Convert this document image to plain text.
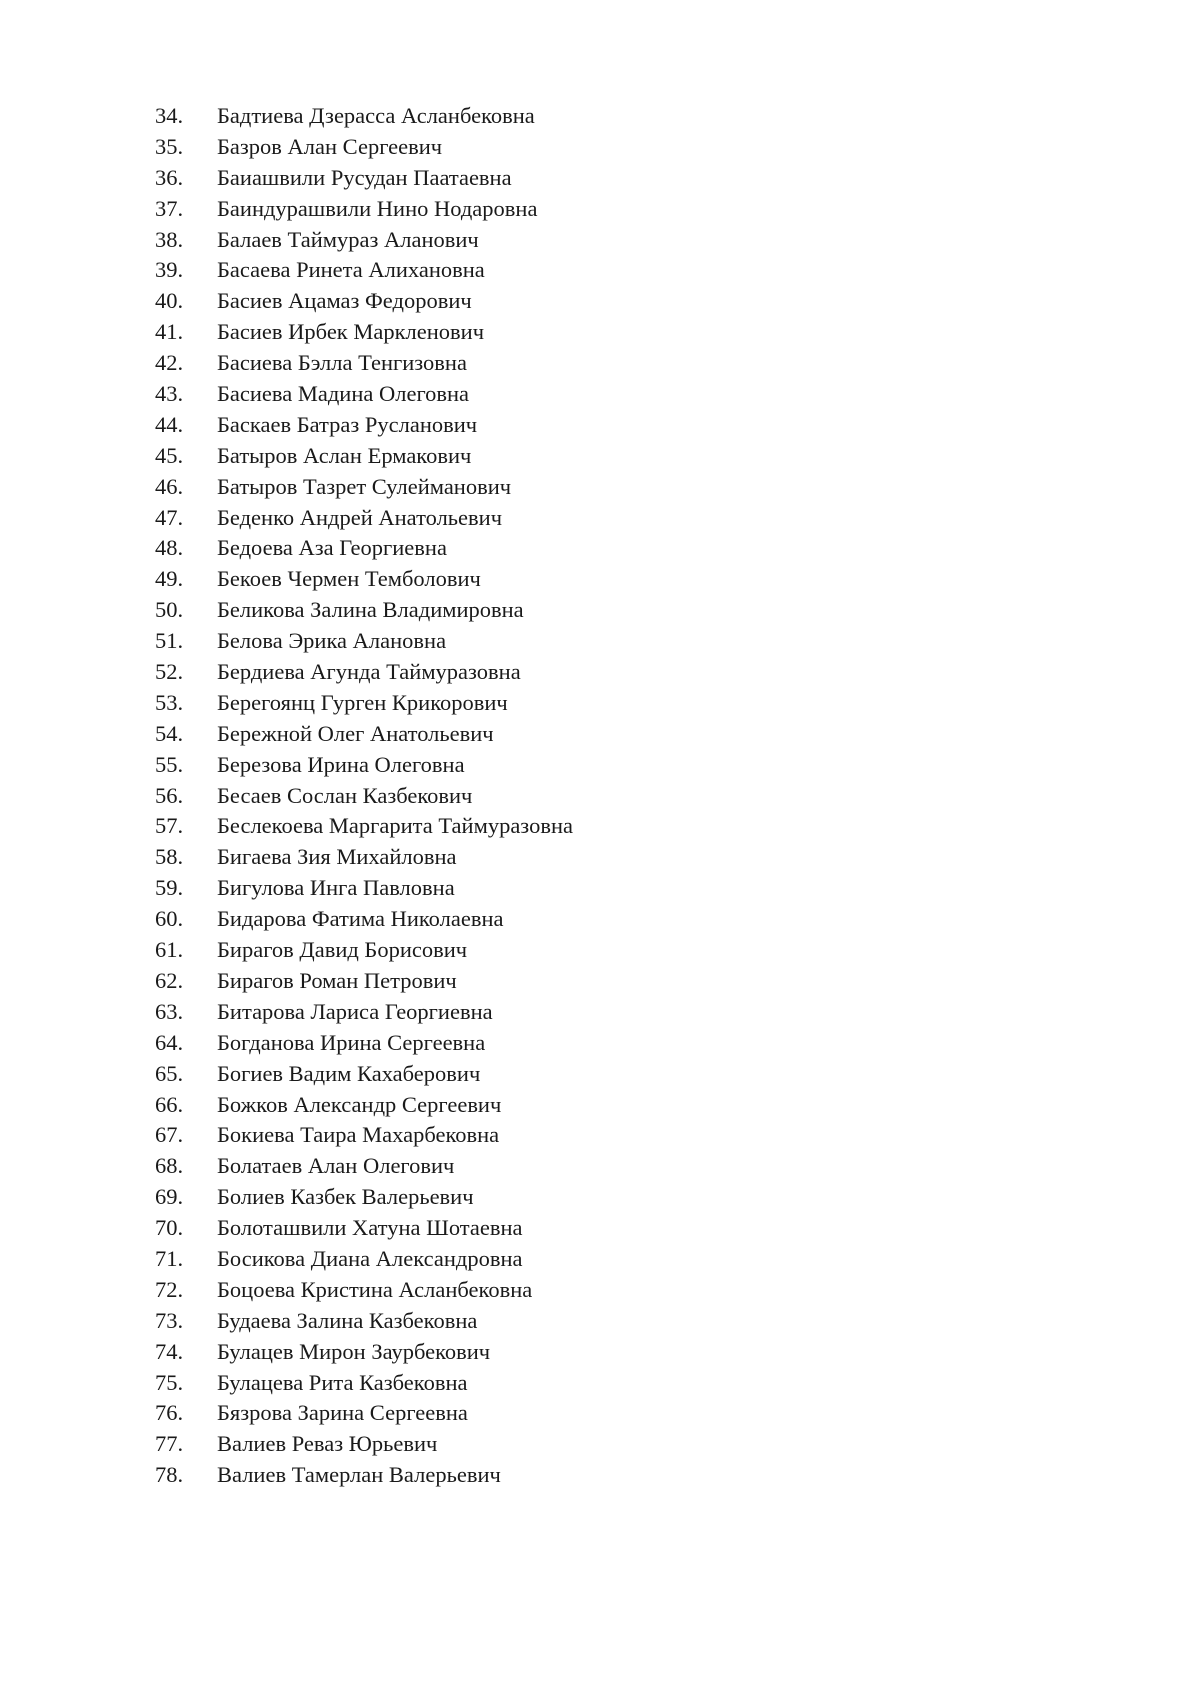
34.	Бадтиева Дзерасса Асланбековна
35.	Базров Алан Сергеевич
36.	Баиашвили Русудан Паатаевна
37.	Баиндурашвили Нино Нодаровна
38.	Балаев Таймураз Аланович
39.	Басаева Ринета Алихановна
40.	Басиев Ацамаз Федорович
41.	Басиев Ирбек Маркленович
42.	Басиева Бэлла Тенгизовна
43.	Басиева Мадина Олеговна
44.	Баскаев Батраз Русланович
45.	Батыров Аслан Ермакович
46.	Батыров Тазрет Сулейманович
47.	Беденко Андрей Анатольевич
48.	Бедоева Аза Георгиевна
49.	Бекоев Чермен Темболович
50.	Беликова Залина Владимировна
51.	Белова Эрика Алановна
52.	Бердиева Агунда Таймуразовна
53.	Берегоянц Гурген Крикорович
54.	Бережной Олег Анатольевич
55.	Березова Ирина Олеговна
56.	Бесаев Сослан Казбекович
57.	Беслекоева Маргарита Таймуразовна
58.	Бигаева Зия Михайловна
59.	Бигулова Инга Павловна
60.	Бидарова Фатима Николаевна
61.	Бирагов Давид Борисович
62.	Бирагов Роман Петрович
63.	Битарова Лариса Георгиевна
64.	Богданова Ирина Сергеевна
65.	Богиев Вадим Кахаберович
66.	Божков Александр Сергеевич
67.	Бокиева Таира Махарбековна
68.	Болатаев Алан Олегович
69.	Болиев Казбек Валерьевич
70.	Болоташвили Хатуна Шотаевна
71.	Босикова Диана Александровна
72.	Боцоева Кристина Асланбековна
73.	Будаева Залина Казбековна
74.	Булацев Мирон Заурбекович
75.	Булацева Рита Казбековна
76.	Бязрова Зарина Сергеевна
77.	Валиев Реваз Юрьевич
78.	Валиев Тамерлан Валерьевич
